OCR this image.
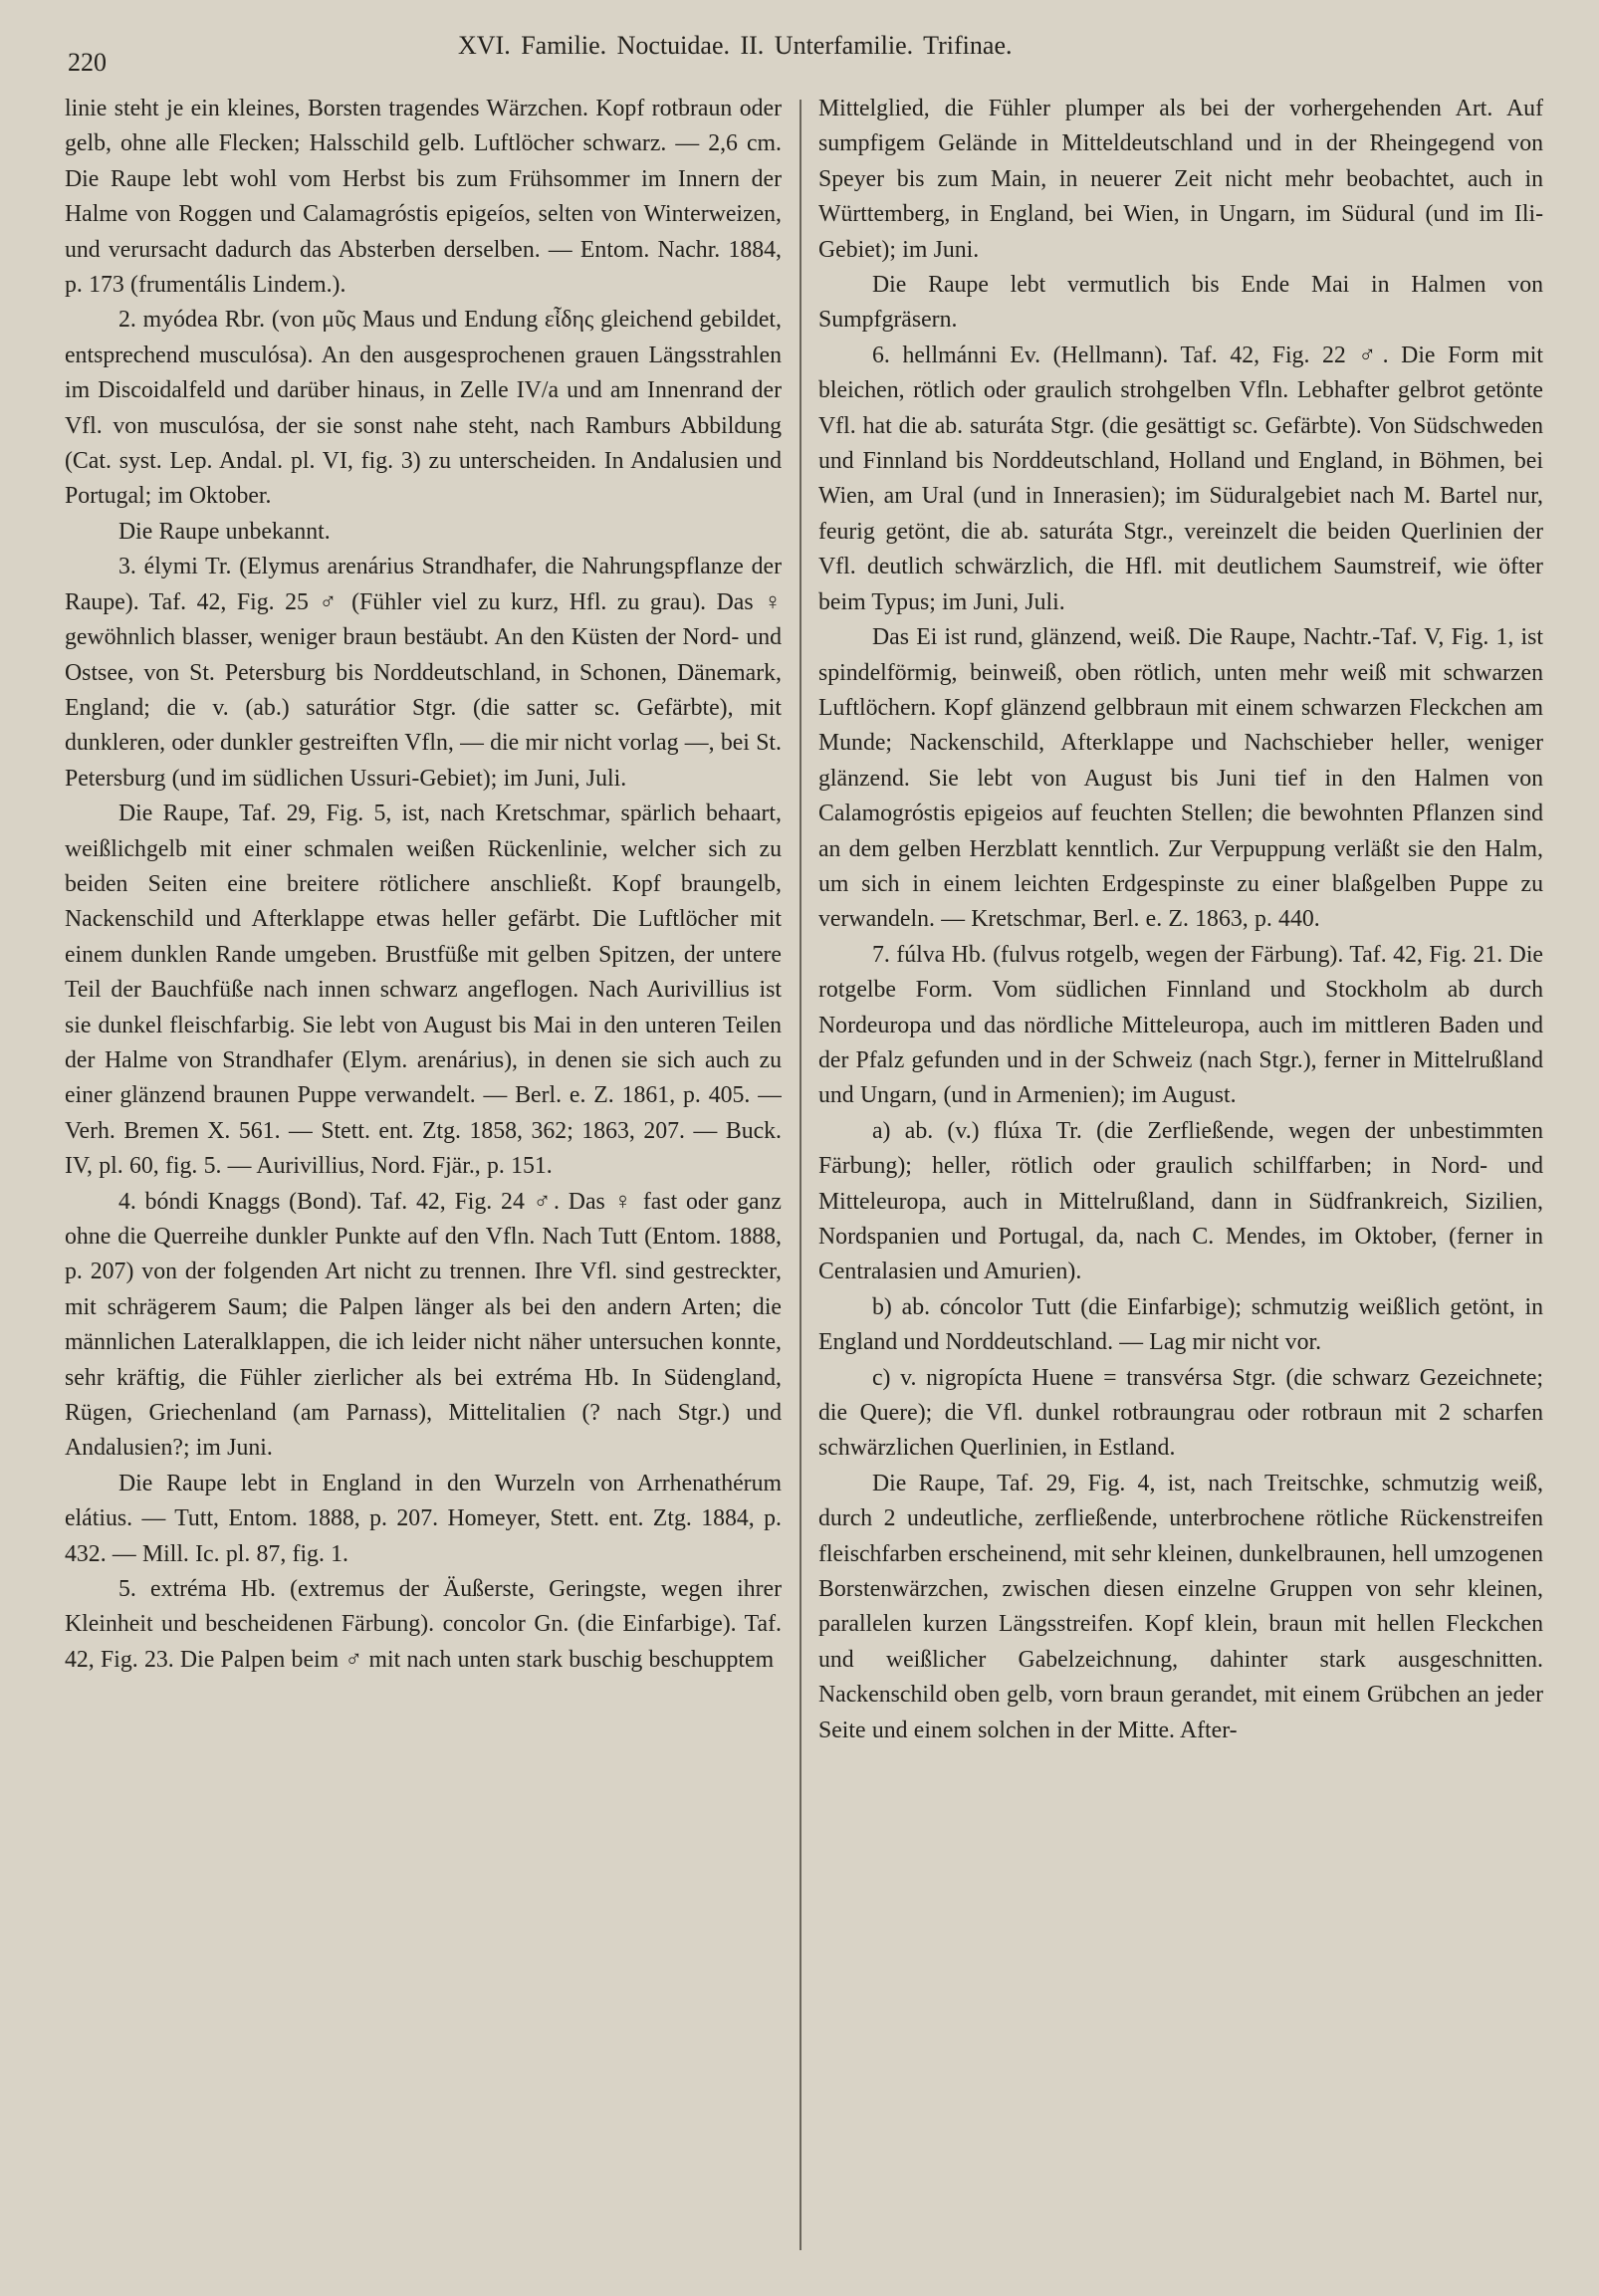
220
XVI. Familie. Noctuidae. II. Unterfamilie. Trifinae.

linie steht je ein kleines, Borsten tragendes Wärzchen. Kopf rotbraun oder gelb, ohne alle Flecken; Halsschild gelb. Luftlöcher schwarz. — 2,6 cm. Die Raupe lebt wohl vom Herbst bis zum Frühsommer im Innern der Halme von Roggen und Calamagróstis epigeíos, selten von Winterweizen, und verursacht dadurch das Absterben derselben. — Entom. Nachr. 1884, p. 173 (frumentális Lindem.).

2. myódea Rbr. (von μῦς Maus und Endung εἶδης gleichend gebildet, entsprechend musculósa). An den ausgesprochenen grauen Längsstrahlen im Discoidalfeld und darüber hinaus, in Zelle IV/a und am Innenrand der Vfl. von musculósa, der sie sonst nahe steht, nach Ramburs Abbildung (Cat. syst. Lep. Andal. pl. VI, fig. 3) zu unterscheiden. In Andalusien und Portugal; im Oktober.

Die Raupe unbekannt.

3. élymi Tr. (Elymus arenárius Strandhafer, die Nahrungspflanze der Raupe). Taf. 42, Fig. 25 ♂ (Fühler viel zu kurz, Hfl. zu grau). Das ♀ gewöhnlich blasser, weniger braun bestäubt. An den Küsten der Nord- und Ostsee, von St. Petersburg bis Norddeutschland, in Schonen, Dänemark, England; die v. (ab.) saturátior Stgr. (die satter sc. Gefärbte), mit dunkleren, oder dunkler gestreiften Vfln, — die mir nicht vorlag —, bei St. Petersburg (und im südlichen Ussuri-Gebiet); im Juni, Juli.

Die Raupe, Taf. 29, Fig. 5, ist, nach Kretschmar, spärlich behaart, weißlichgelb mit einer schmalen weißen Rückenlinie, welcher sich zu beiden Seiten eine breitere rötlichere anschließt. Kopf braungelb, Nackenschild und Afterklappe etwas heller gefärbt. Die Luftlöcher mit einem dunklen Rande umgeben. Brustfüße mit gelben Spitzen, der untere Teil der Bauchfüße nach innen schwarz angeflogen. Nach Aurivillius ist sie dunkel fleischfarbig. Sie lebt von August bis Mai in den unteren Teilen der Halme von Strandhafer (Elym. arenárius), in denen sie sich auch zu einer glänzend braunen Puppe verwandelt. — Berl. e. Z. 1861, p. 405. — Verh. Bremen X. 561. — Stett. ent. Ztg. 1858, 362; 1863, 207. — Buck. IV, pl. 60, fig. 5. — Aurivillius, Nord. Fjär., p. 151.

4. bóndi Knaggs (Bond). Taf. 42, Fig. 24 ♂. Das ♀ fast oder ganz ohne die Querreihe dunkler Punkte auf den Vfln. Nach Tutt (Entom. 1888, p. 207) von der folgenden Art nicht zu trennen. Ihre Vfl. sind gestreckter, mit schrägerem Saum; die Palpen länger als bei den andern Arten; die männlichen Lateralklappen, die ich leider nicht näher untersuchen konnte, sehr kräftig, die Fühler zierlicher als bei extréma Hb. In Südengland, Rügen, Griechenland (am Parnass), Mittelitalien (? nach Stgr.) und Andalusien?; im Juni.

Die Raupe lebt in England in den Wurzeln von Arrhenathérum elátius. — Tutt, Entom. 1888, p. 207. Homeyer, Stett. ent. Ztg. 1884, p. 432. — Mill. Ic. pl. 87, fig. 1.

5. extréma Hb. (extremus der Äußerste, Geringste, wegen ihrer Kleinheit und bescheidenen Färbung). concolor Gn. (die Einfarbige). Taf. 42, Fig. 23. Die Palpen beim ♂ mit nach unten stark buschig beschupptem

Mittelglied, die Fühler plumper als bei der vorhergehenden Art. Auf sumpfigem Gelände in Mitteldeutschland und in der Rheingegend von Speyer bis zum Main, in neuerer Zeit nicht mehr beobachtet, auch in Württemberg, in England, bei Wien, in Ungarn, im Südural (und im Ili-Gebiet); im Juni.

Die Raupe lebt vermutlich bis Ende Mai in Halmen von Sumpfgräsern.

6. hellmánni Ev. (Hellmann). Taf. 42, Fig. 22 ♂. Die Form mit bleichen, rötlich oder graulich strohgelben Vfln. Lebhafter gelbrot getönte Vfl. hat die ab. saturáta Stgr. (die gesättigt sc. Gefärbte). Von Südschweden und Finnland bis Norddeutschland, Holland und England, in Böhmen, bei Wien, am Ural (und in Innerasien); im Süduralgebiet nach M. Bartel nur, feurig getönt, die ab. saturáta Stgr., vereinzelt die beiden Querlinien der Vfl. deutlich schwärzlich, die Hfl. mit deutlichem Saumstreif, wie öfter beim Typus; im Juni, Juli.

Das Ei ist rund, glänzend, weiß. Die Raupe, Nachtr.-Taf. V, Fig. 1, ist spindelförmig, beinweiß, oben rötlich, unten mehr weiß mit schwarzen Luftlöchern. Kopf glänzend gelbbraun mit einem schwarzen Fleckchen am Munde; Nackenschild, Afterklappe und Nachschieber heller, weniger glänzend. Sie lebt von August bis Juni tief in den Halmen von Calamogróstis epigeios auf feuchten Stellen; die bewohnten Pflanzen sind an dem gelben Herzblatt kenntlich. Zur Verpuppung verläßt sie den Halm, um sich in einem leichten Erdgespinste zu einer blaßgelben Puppe zu verwandeln. — Kretschmar, Berl. e. Z. 1863, p. 440.

7. fúlva Hb. (fulvus rotgelb, wegen der Färbung). Taf. 42, Fig. 21. Die rotgelbe Form. Vom südlichen Finnland und Stockholm ab durch Nordeuropa und das nördliche Mitteleuropa, auch im mittleren Baden und der Pfalz gefunden und in der Schweiz (nach Stgr.), ferner in Mittelrußland und Ungarn, (und in Armenien); im August.

a) ab. (v.) flúxa Tr. (die Zerfließende, wegen der unbestimmten Färbung); heller, rötlich oder graulich schilffarben; in Nord- und Mitteleuropa, auch in Mittelrußland, dann in Südfrankreich, Sizilien, Nordspanien und Portugal, da, nach C. Mendes, im Oktober, (ferner in Centralasien und Amurien).

b) ab. cóncolor Tutt (die Einfarbige); schmutzig weißlich getönt, in England und Norddeutschland. — Lag mir nicht vor.

c) v. nigropícta Huene = transvérsa Stgr. (die schwarz Gezeichnete; die Quere); die Vfl. dunkel rotbraungrau oder rotbraun mit 2 scharfen schwärzlichen Querlinien, in Estland.

Die Raupe, Taf. 29, Fig. 4, ist, nach Treitschke, schmutzig weiß, durch 2 undeutliche, zerfließende, unterbrochene rötliche Rückenstreifen fleischfarben erscheinend, mit sehr kleinen, dunkelbraunen, hell umzogenen Borstenwärzchen, zwischen diesen einzelne Gruppen von sehr kleinen, parallelen kurzen Längsstreifen. Kopf klein, braun mit hellen Fleckchen und weißlicher Gabelzeichnung, dahinter stark ausgeschnitten. Nackenschild oben gelb, vorn braun gerandet, mit einem Grübchen an jeder Seite und einem solchen in der Mitte. After-
